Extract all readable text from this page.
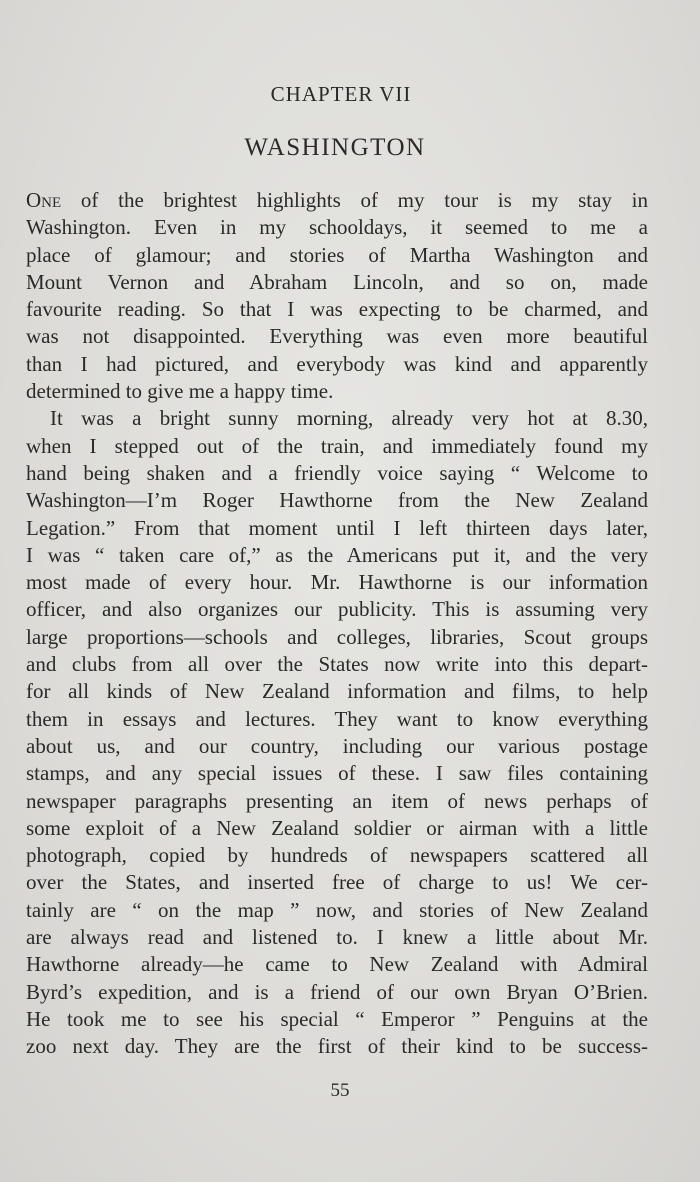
CHAPTER VII
WASHINGTON
One of the brightest highlights of my tour is my stay in
Washington. Even in my schooldays, it seemed to me a
place of glamour; and stories of Martha Washington and
Mount Vernon and Abraham Lincoln, and so on, made
favourite reading. So that I was expecting to be charmed, and
was not disappointed. Everything was even more beautiful
than I had pictured, and everybody was kind and apparently
determined to give me a happy time.
It was a bright sunny morning, already very hot at 8.30,
when I stepped out of the train, and immediately found my
hand being shaken and a friendly voice saying “ Welcome to
Washington—I’m Roger Hawthorne from the New Zealand
Legation.” From that moment until I left thirteen days later,
I was “ taken care of,” as the Americans put it, and the very
most made of every hour. Mr. Hawthorne is our information
officer, and also organizes our publicity. This is assuming very
large proportions—schools and colleges, libraries, Scout groups
and clubs from all over the States now write into this depart-
for all kinds of New Zealand information and films, to help
them in essays and lectures. They want to know everything
about us, and our country, including our various postage
stamps, and any special issues of these. I saw files containing
newspaper paragraphs presenting an item of news perhaps of
some exploit of a New Zealand soldier or airman with a little
photograph, copied by hundreds of newspapers scattered all
over the States, and inserted free of charge to us! We cer-
tainly are “ on the map ” now, and stories of New Zealand
are always read and listened to. I knew a little about Mr.
Hawthorne already—he came to New Zealand with Admiral
Byrd’s expedition, and is a friend of our own Bryan O’Brien.
He took me to see his special “ Emperor ” Penguins at the
zoo next day. They are the first of their kind to be success-
55
